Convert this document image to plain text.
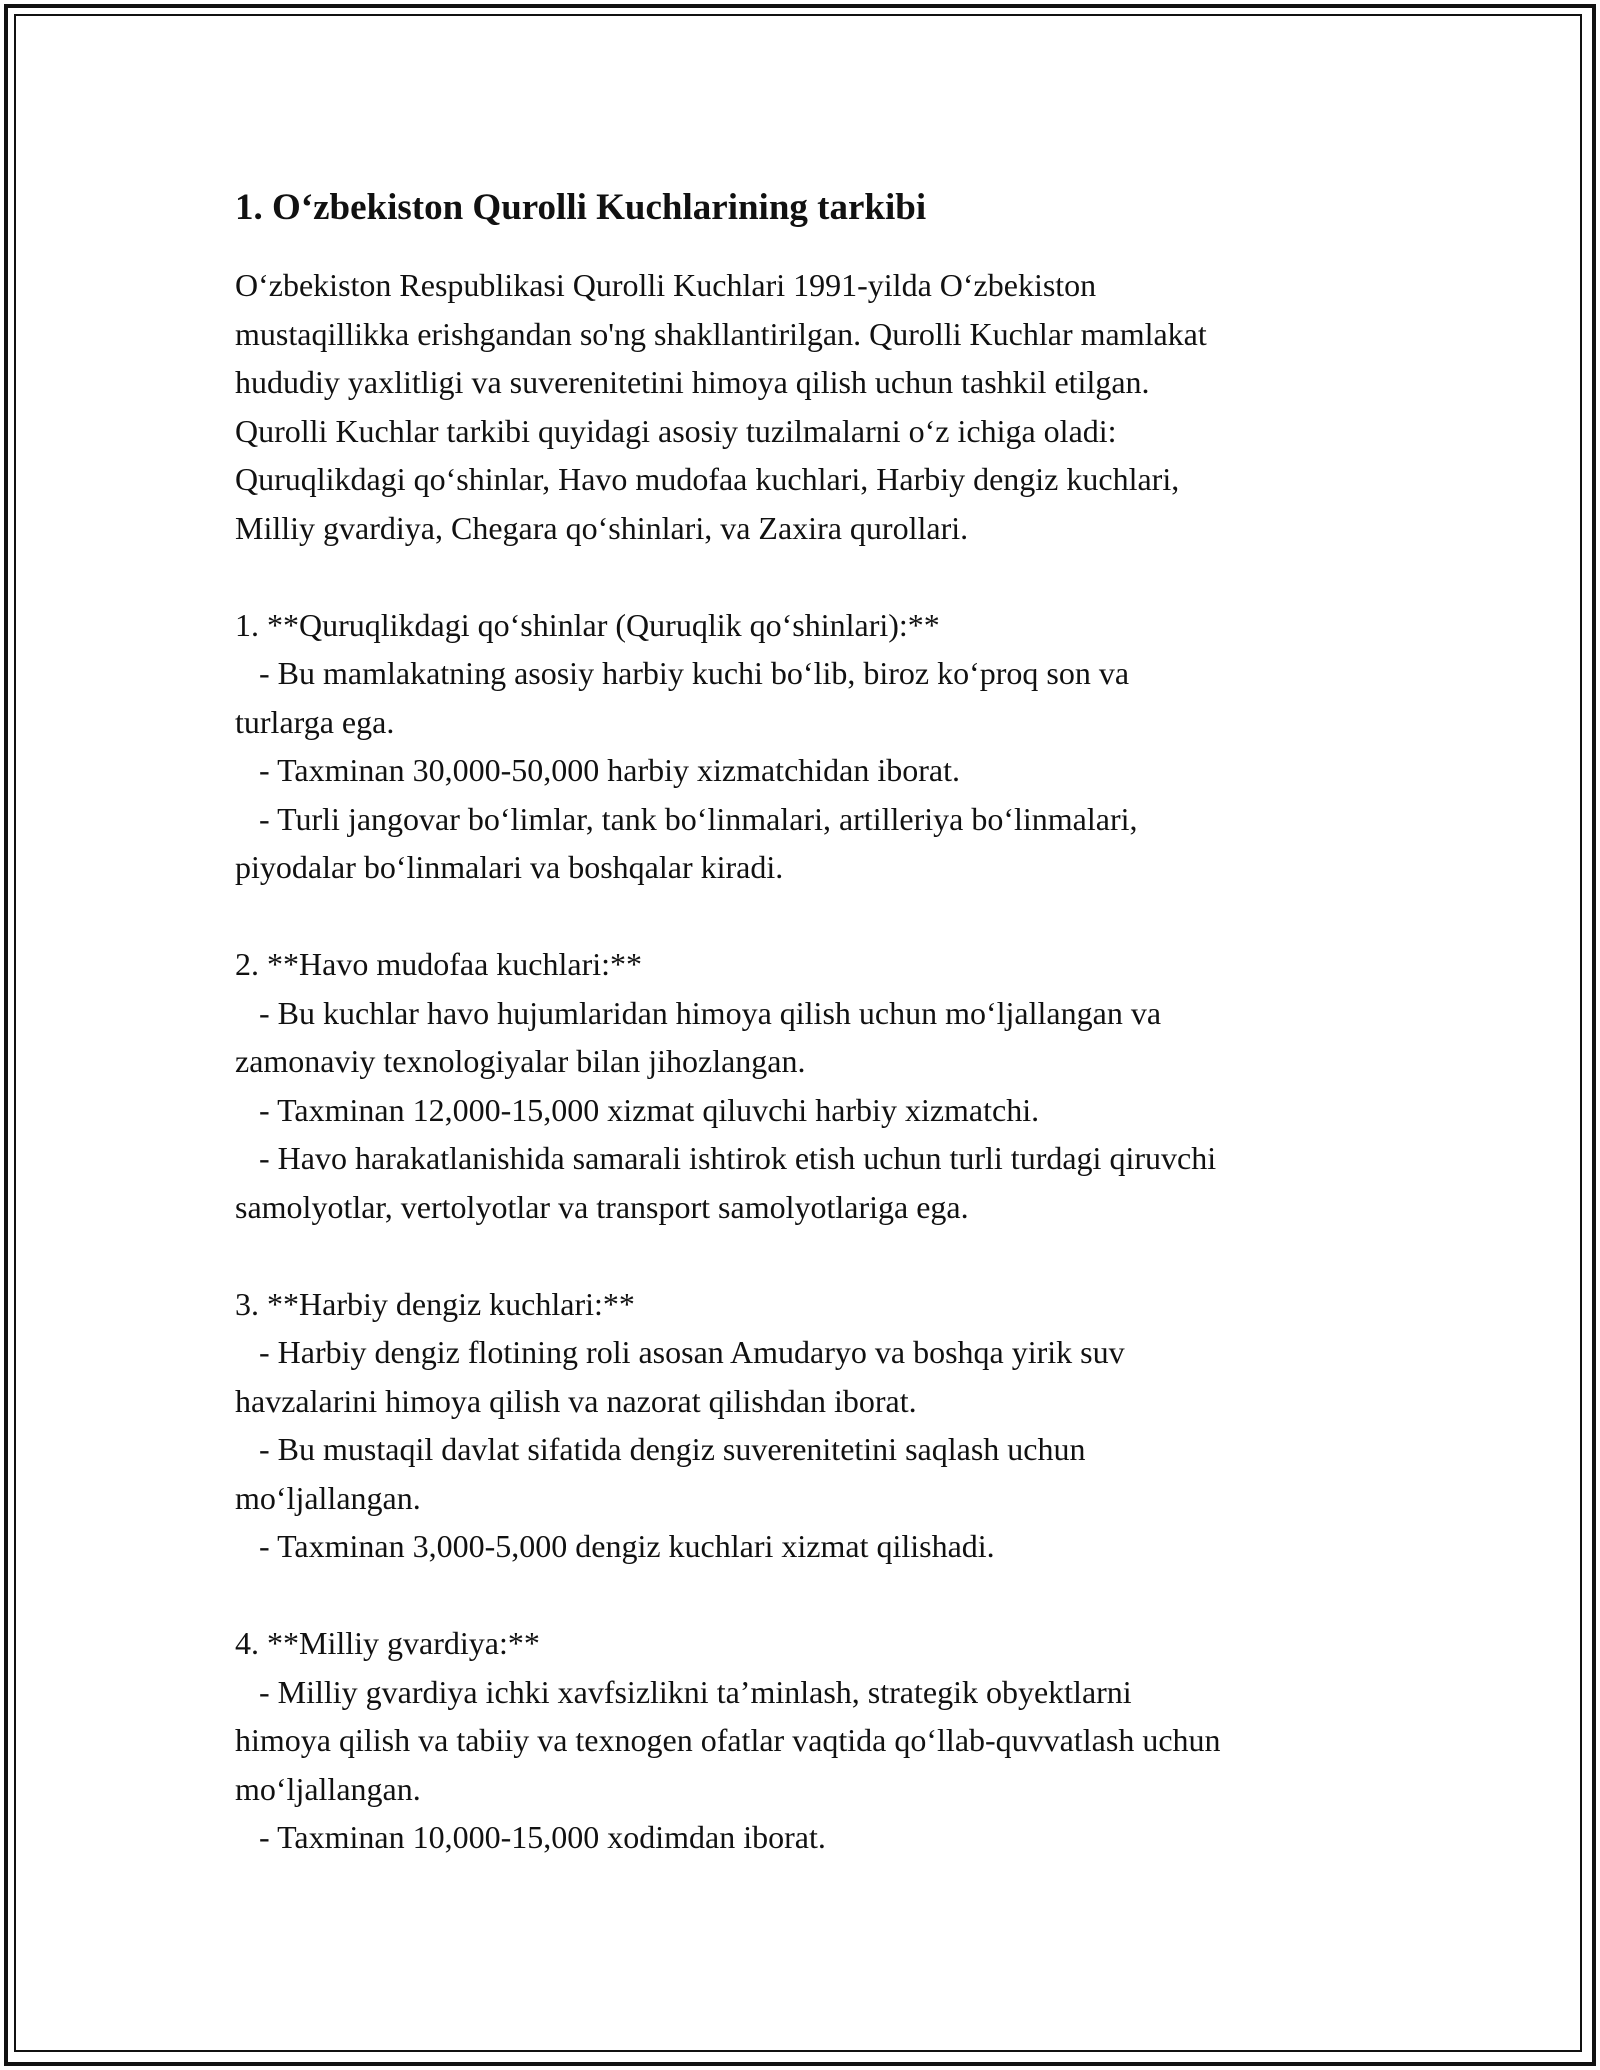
1. O‘zbekiston Qurolli Kuchlarining tarkibi

O‘zbekiston Respublikasi Qurolli Kuchlari 1991-yilda O‘zbekiston
mustaqillikka erishgandan so'ng shakllantirilgan. Qurolli Kuchlar mamlakat
hududiy yaxlitligi va suverenitetini himoya qilish uchun tashkil etilgan.
Qurolli Kuchlar tarkibi quyidagi asosiy tuzilmalarni o‘z ichiga oladi:
Quruqlikdagi qo‘shinlar, Havo mudofaa kuchlari, Harbiy dengiz kuchlari,
Milliy gvardiya, Chegara qo‘shinlari, va Zaxira qurollari.

1. **Quruqlikdagi qo‘shinlar (Quruqlik qo‘shinlari):**

- Bu mamlakatning asosiy harbiy kuchi bo‘lib, biroz ko‘proq son va
turlarga ega.

- Taxminan 30,000-50,000 harbiy xizmatchidan iborat.

- Turli jangovar bo‘limlar, tank bo‘linmalari, artilleriya bo‘linmalari,
piyodalar bo‘linmalari va boshqalar kiradi.

2. **Havo mudofaa kuchlari:**

- Bu kuchlar havo hujumlaridan himoya qilish uchun mo‘ljallangan va
zamonaviy texnologiyalar bilan jihozlangan.

- Taxminan 12,000-15,000 xizmat qiluvchi harbiy xizmatchi.

- Havo harakatlanishida samarali ishtirok etish uchun turli turdagi qiruvchi
samolyotlar, vertolyotlar va transport samolyotlariga ega.

3. **Harbiy dengiz kuchlari:**

- Harbiy dengiz flotining roli asosan Amudaryo va boshqa yirik suv
havzalarini himoya qilish va nazorat qilishdan iborat.

- Bu mustaqil davlat sifatida dengiz suverenitetini saqlash uchun
mo‘ljallangan.

- Taxminan 3,000-5,000 dengiz kuchlari xizmat qilishadi.

4. **Milliy gvardiya:**

- Milliy gvardiya ichki xavfsizlikni ta’minlash, strategik obyektlarni
himoya qilish va tabiiy va texnogen ofatlar vaqtida qo‘llab-quvvatlash uchun
mo‘ljallangan.

- Taxminan 10,000-15,000 xodimdan iborat.
